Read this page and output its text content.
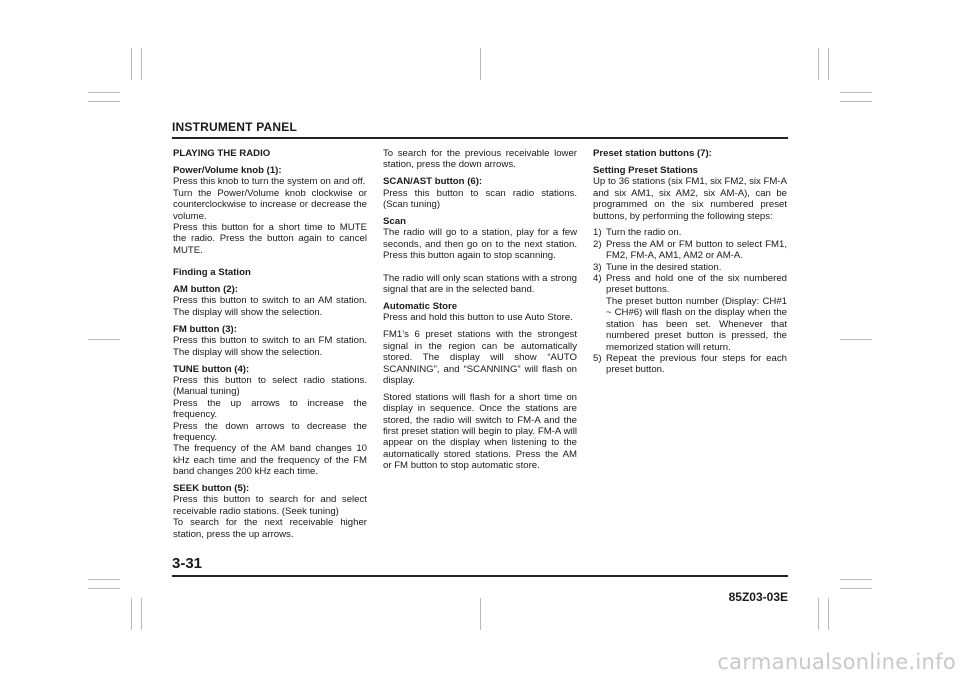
INSTRUMENT PANEL
PLAYING THE RADIO
Power/Volume knob (1):
Press this knob to turn the system on and off.
Turn the Power/Volume knob clockwise or counterclockwise to increase or decrease the volume.
Press this button for a short time to MUTE the radio. Press the button again to cancel MUTE.
Finding a Station
AM button (2):
Press this button to switch to an AM station. The display will show the selection.
FM button (3):
Press this button to switch to an FM station. The display will show the selection.
TUNE button (4):
Press this button to select radio stations. (Manual tuning)
Press the up arrows to increase the frequency.
Press the down arrows to decrease the frequency.
The frequency of the AM band changes 10 kHz each time and the frequency of the FM band changes 200 kHz each time.
SEEK button (5):
Press this button to search for and select receivable radio stations. (Seek tuning)
To search for the next receivable higher station, press the up arrows.
To search for the previous receivable lower station, press the down arrows.
SCAN/AST button (6):
Press this button to scan radio stations. (Scan tuning)
Scan
The radio will go to a station, play for a few seconds, and then go on to the next station. Press this button again to stop scanning.
The radio will only scan stations with a strong signal that are in the selected band.
Automatic Store
Press and hold this button to use Auto Store.
FM1’s 6 preset stations with the strongest signal in the region can be automatically stored. The display will show “AUTO SCANNING”, and “SCANNING” will flash on display.
Stored stations will flash for a short time on display in sequence. Once the stations are stored, the radio will switch to FM-A and the first preset station will begin to play. FM-A will appear on the display when listening to the automatically stored stations. Press the AM or FM button to stop automatic store.
Preset station buttons (7):
Setting Preset Stations
Up to 36 stations (six FM1, six FM2, six FM-A and six AM1, six AM2, six AM-A), can be programmed on the six numbered preset buttons, by performing the following steps:
1) Turn the radio on.
2) Press the AM or FM button to select FM1, FM2, FM-A, AM1, AM2 or AM-A.
3) Tune in the desired station.
4) Press and hold one of the six numbered preset buttons.
The preset button number (Display: CH#1 ~ CH#6) will flash on the display when the station has been set. Whenever that numbered preset button is pressed, the memorized station will return.
5) Repeat the previous four steps for each preset button.
3-31
85Z03-03E
carmanualsonline.info
